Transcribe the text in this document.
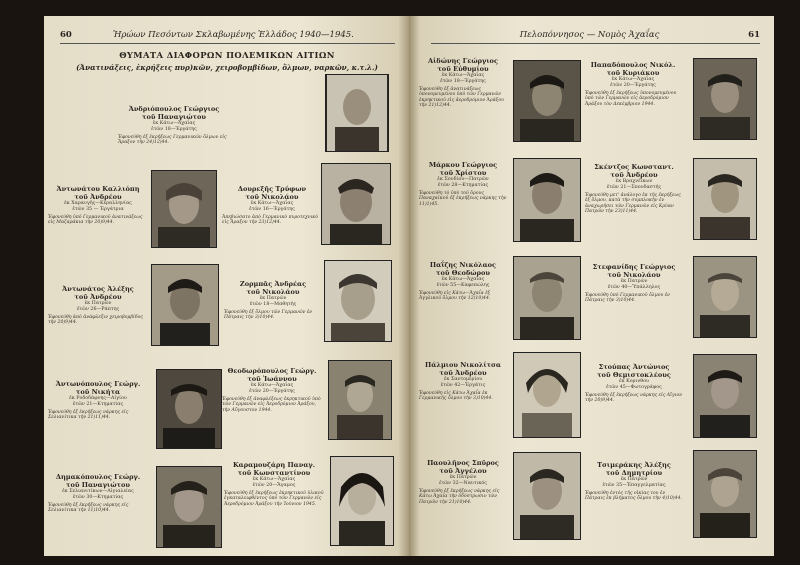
60	Ἡρώων Πεσόντων Σκλαβωμένης Ἑλλάδος 1940—1945.
ΘΥΜΑΤΑ ΔΙΑΦΟΡΩΝ ΠΟΛΕΜΙΚΩΝ ΑΙΤΙΩΝ
(Ἀνατινάξεις, ἐκρήξεις πυρ)κῶν, χειροβομβίδων, ὅλμων, ναρκῶν, κ.τ.λ.)
Ἀνδριόπουλος Γεώργιος
τοῦ Παναγιώτου
ἐκ Κάτω—Ἀχαΐας
ἐτῶν 18—Ἐργάτης
Ἐφονεύθη ἐξ ἐκρήξεως Γερμανικῶν ὅλμων εἰς Ἄραξον τὴν 24)12)44.
Ἀντωνάτου Καλλιόπη
τοῦ Ἀνδρέου
ἐκ Χαραυγῆς—Κεραλληνίας
ἐτῶν 35 — Ἐργάτρια
Ἐφονεύθη ὑπὸ Γερμανικοῦ ἀνατινάξεως εἰς Μαζαράκια τὴν 20)9)44.
Δουρεξῆς Τρύφων
τοῦ Νικολάου
ἐκ Κάτω—Ἀχαΐας
ἐτῶν 16—Ἐργάτης
Ἀπεβιώσατο ἀπὸ Γερμανικὸ πυροτεχνικὸ εἰς Ἄραξον τὴν 23)12)44.
Ἀντωνάτος Ἀλέξης
τοῦ Ἀνδρέου
ἐκ Πατρῶν
ἐτῶν 26—Ράπτης
Ἐφονεύθη ἀπὸ ἀνάφλεξιν χειροβομβίδος τὴν 20)9)44.
Ζορμπᾶς Ἀνδρέας
τοῦ Νικολάου
ἐκ Πατρῶν
ἐτῶν 18—Μαθητής
Ἐφονεύθη ἐξ ὄλμου τῶν Γερμανῶν ἐν Πάτραις τὴν 3)10)44.
Ἀντωνόπουλος Γεώργ.
τοῦ Νικήτα
ἐκ Ροδοδάφνης—Αἰγίου
ἐτῶν 21—Κτηματίας
Ἐφονεύθη ἐξ ἐκρήξεως νάρκης εἰς Σελιανίτικα τὴν 21)11)44.
Θεοδωρόπουλος Γεώργ.
τοῦ Ἰωάννου
ἐκ Κάτω—Ἀχαΐας
ἐτῶν 20—Ἐργάτης
Ἐφονεύθη ἐξ ἀναφλέξεως ἐκρηκτικοῦ ὑπὸ τῶν Γερμανῶν εἰς Ἀεροδρόμιον Ἀράξου, τὴν Αὔγουστον 1944.
Δημακόπουλος Γεώργ.
τοῦ Παναγιώτου
ἐκ Σελιανιτίκων—Αἰγιαλείας
ἐτῶν 30—Κτηματίας
Ἐφονεύθη ἐξ ἐκρήξεως νάρκης εἰς Σελιανίτικα τὴν 11)10)44.
Καραμουζάρη Παναγ.
τοῦ Κωνσταντίνου
ἐκ Κάτω—Ἀχαΐας
ἐτῶν 20—Ἄγαμος
Ἐφονεύθη ἐξ ἐκρήξεως ἐκρηκτικοῦ ὑλικοῦ ἐγκαταλειφθέντος ὑπὸ τῶν Γερμανῶν εἰς Ἀεροδρόμιον Ἀράξου τὴν Ἰούνιον 1945.
Πελοπόννησος — Νομὸς Ἀχαΐας	61
Αἰδώνης Γεώργιος
τοῦ Εὐθυμίου
ἐκ Κάτω—Ἀχαΐας
ἐτῶν 18—Ἐργάτης
Ἐφονεύθη ἐξ ἀνατινάξεως ὑπονομευμένου ὑπὸ τῶν Γερμανῶν ἐκρηκτικοῦ εἰς ἀεροδρόμιον Ἀράξου τὴν 21)12)44.
Παπαδόπουλος Νικόλ.
τοῦ Κυριάκου
ἐκ Κάτω—Ἀχαΐας
ἐτῶν 20—Ἐργάτης
Ἐφονεύθη ἐξ ἐκρήξεως ὑπονομευμένου ὑπὸ τῶν Γερμανῶν εἰς ἀεροδρόμιον Ἀράξου τὸν Δεκέμβριον 1944.
Μάρκου Γεώργιος
τοῦ Χρίστου
ἐκ Σουδίου—Πατρῶν
ἐτῶν 28—Κτηματίας
Ἐφονεύθη τὸ ὑπὸ τοῦ ὅρους Παναχαϊκοῦ ἐξ ἐκρήξεως νάρκης τὴν 11)1)45.
Σκέντζος Κωνσταντ.
τοῦ Ἀνδρέου
ἐκ Βραχνέϊκων
ἐτῶν 21—Σπουδαστής
Ἐφονεύθη μετ' ἀνάλογο ἐκ τῆς ἐκρήξεως ἐξ ὄλμου, κατὰ τὴν συμπλοκὴν ἐν ἀναχωρήσει τῶν Γερμανῶν εἰς Κρύαν Πατρῶν τὴν 23)11)44.
Παΐζης Νικόλαος
τοῦ Θεοδώρου
ἐκ Κάτω—Ἀχαΐας
ἐτῶν 55—Καφεπώλης
Ἐφονεύθη εἰς Κάτω—Ἀχαΐα ἐξ Ἀγγλικοῦ ὄλμου τὴν 12)10)44.
Στεφανίδης Γεώργιος
τοῦ Νικολάου
ἐκ Πατρῶν
ἐτῶν 40—Ὑπάλληλος
Ἐφονεύθη ὑπὸ Γερμανικοῦ ὄλμου ἐν Πάτραις τὴν 3)10)44.
Πάλμιου Νικολίτσα
τοῦ Ἀνδρέου
ἐκ Σαντομερίου
ἐτῶν 42—Ἐργάτις
Ἐφονεύθη εἰς Κάτω Ἀχαΐα ἐκ Γερμανικῆς ὄλμου τὴν 3)10)44.
Στούπας Ἀντώνιος
τοῦ Θεμιστοκλέους
ἐκ Κορινθου
ἐτῶν 45—Φωτογράφος
Ἐφονεύθη ἐξ ἐκρήξεως νάρκης εἰς Αἴγιον τὴν 20)9)44.
Παουλῆνος Σπῦρος
τοῦ Ἀγγέλου
ἐκ Πατρῶν
ἐτῶν 32—Ναυτικός
Ἐφονεύθη ἐξ ἐκρήξεως νάρκης εἰς Κάτω Ἀχαΐα τὴν ὁδόστρωσιν τῶν Πατρῶν τὴν 21)10)44.
Τσιμεράκης Ἀλέξης
τοῦ Δημητρίου
ἐκ Πατρῶν
ἐτῶν 35—Ἐπαγγελματίας
Ἐφονεύθη ἐντὸς τῆς οἰκίας του ἐν Πάτραις ἐκ βλήματος ὄλμου τὴν 4)10)44.
